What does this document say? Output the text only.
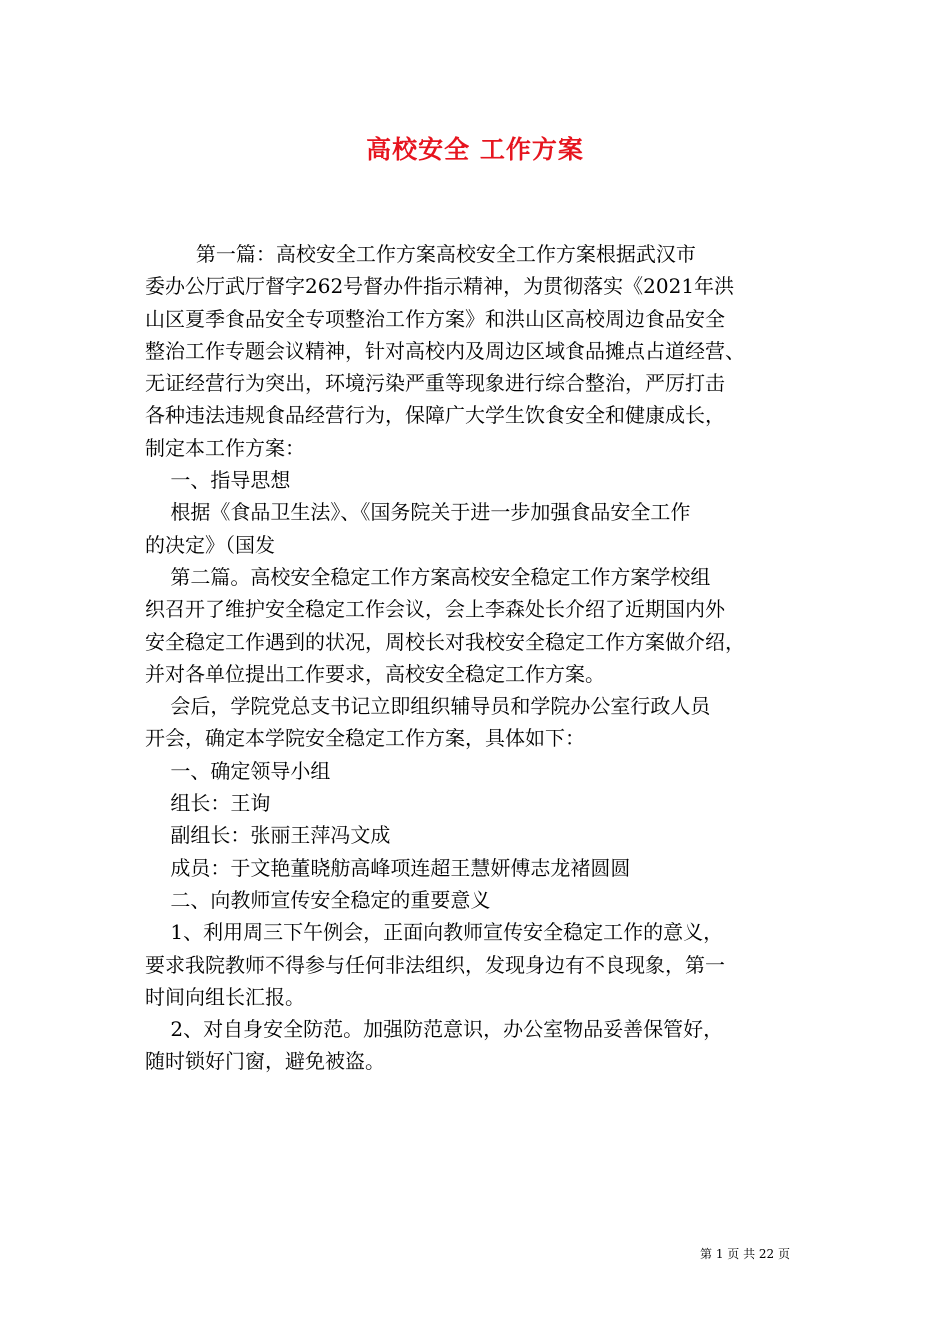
高校安全 工作方案
第一篇：高校安全工作方案高校安全工作方案根据武汉市
委办公厅武厅督字262号督办件指示精神，为贯彻落实《2021年洪
山区夏季食品安全专项整治工作方案》和洪山区高校周边食品安全
整治工作专题会议精神，针对高校内及周边区域食品摊点占道经营、
无证经营行为突出，环境污染严重等现象进行综合整治，严厉打击
各种违法违规食品经营行为，保障广大学生饮食安全和健康成长，
制定本工作方案：
一、指导思想
根据《食品卫生法》、《国务院关于进一步加强食品安全工作
的决定》（国发
第二篇。高校安全稳定工作方案高校安全稳定工作方案学校组
织召开了维护安全稳定工作会议，会上李森处长介绍了近期国内外
安全稳定工作遇到的状况，周校长对我校安全稳定工作方案做介绍，
并对各单位提出工作要求，高校安全稳定工作方案。
会后，学院党总支书记立即组织辅导员和学院办公室行政人员
开会，确定本学院安全稳定工作方案，具体如下：
一、确定领导小组
组长：王询
副组长：张丽王萍冯文成
成员：于文艳董晓舫高峰项连超王慧妍傅志龙褚圆圆
二、向教师宣传安全稳定的重要意义
1、利用周三下午例会，正面向教师宣传安全稳定工作的意义，
要求我院教师不得参与任何非法组织，发现身边有不良现象，第一
时间向组长汇报。
2、对自身安全防范。加强防范意识，办公室物品妥善保管好，
随时锁好门窗，避免被盗。
第 1 页 共 22 页
